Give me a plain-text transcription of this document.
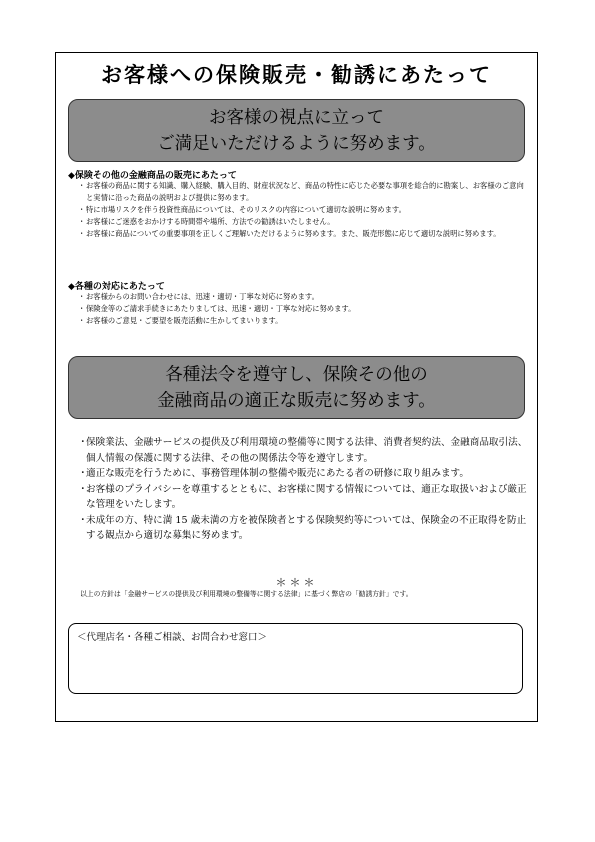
お客様への保険販売・勧誘にあたって
お客様の視点に立って
ご満足いただけるように努めます。
◆保険その他の金融商品の販売にあたって
・ お客様の商品に関する知識、購入経験、購入目的、財産状況など、商品の特性に応じた必要な事項を総合的に勘案し、お客様のご意向と実情に沿った商品の説明および提供に努めます。
・ 特に市場リスクを伴う投資性商品については、そのリスクの内容について適切な説明に努めます。
・ お客様にご迷惑をおかけする時間帯や場所、方法での勧誘はいたしません。
・ お客様に商品についての重要事項を正しくご理解いただけるように努めます。また、販売形態に応じて適切な説明に努めます。
◆各種の対応にあたって
・ お客様からのお問い合わせには、迅速・適切・丁寧な対応に努めます。
・ 保険金等のご請求手続きにあたりましては、迅速・適切・丁寧な対応に努めます。
・ お客様のご意見・ご要望を販売活動に生かしてまいります。
各種法令を遵守し、保険その他の
金融商品の適正な販売に努めます。
・
保険業法、金融サービスの提供及び利用環境の整備等に関する法律、消費者契約法、金融商品取引法、個人情報の保護に関する法律、その他の関係法令等を遵守します。
・
適正な販売を行うために、事務管理体制の整備や販売にあたる者の研修に取り組みます。
・
お客様のプライバシーを尊重するとともに、お客様に関する情報については、適正な取扱いおよび厳正な管理をいたします。
・
未成年の方、特に満 15 歳未満の方を被保険者とする保険契約等については、保険金の不正取得を防止する観点から適切な募集に努めます。
＊＊＊
以上の方針は「金融サービスの提供及び利用環境の整備等に関する法律」に基づく弊店の「勧誘方針」です。
＜代理店名・各種ご相談、お問合わせ窓口＞
